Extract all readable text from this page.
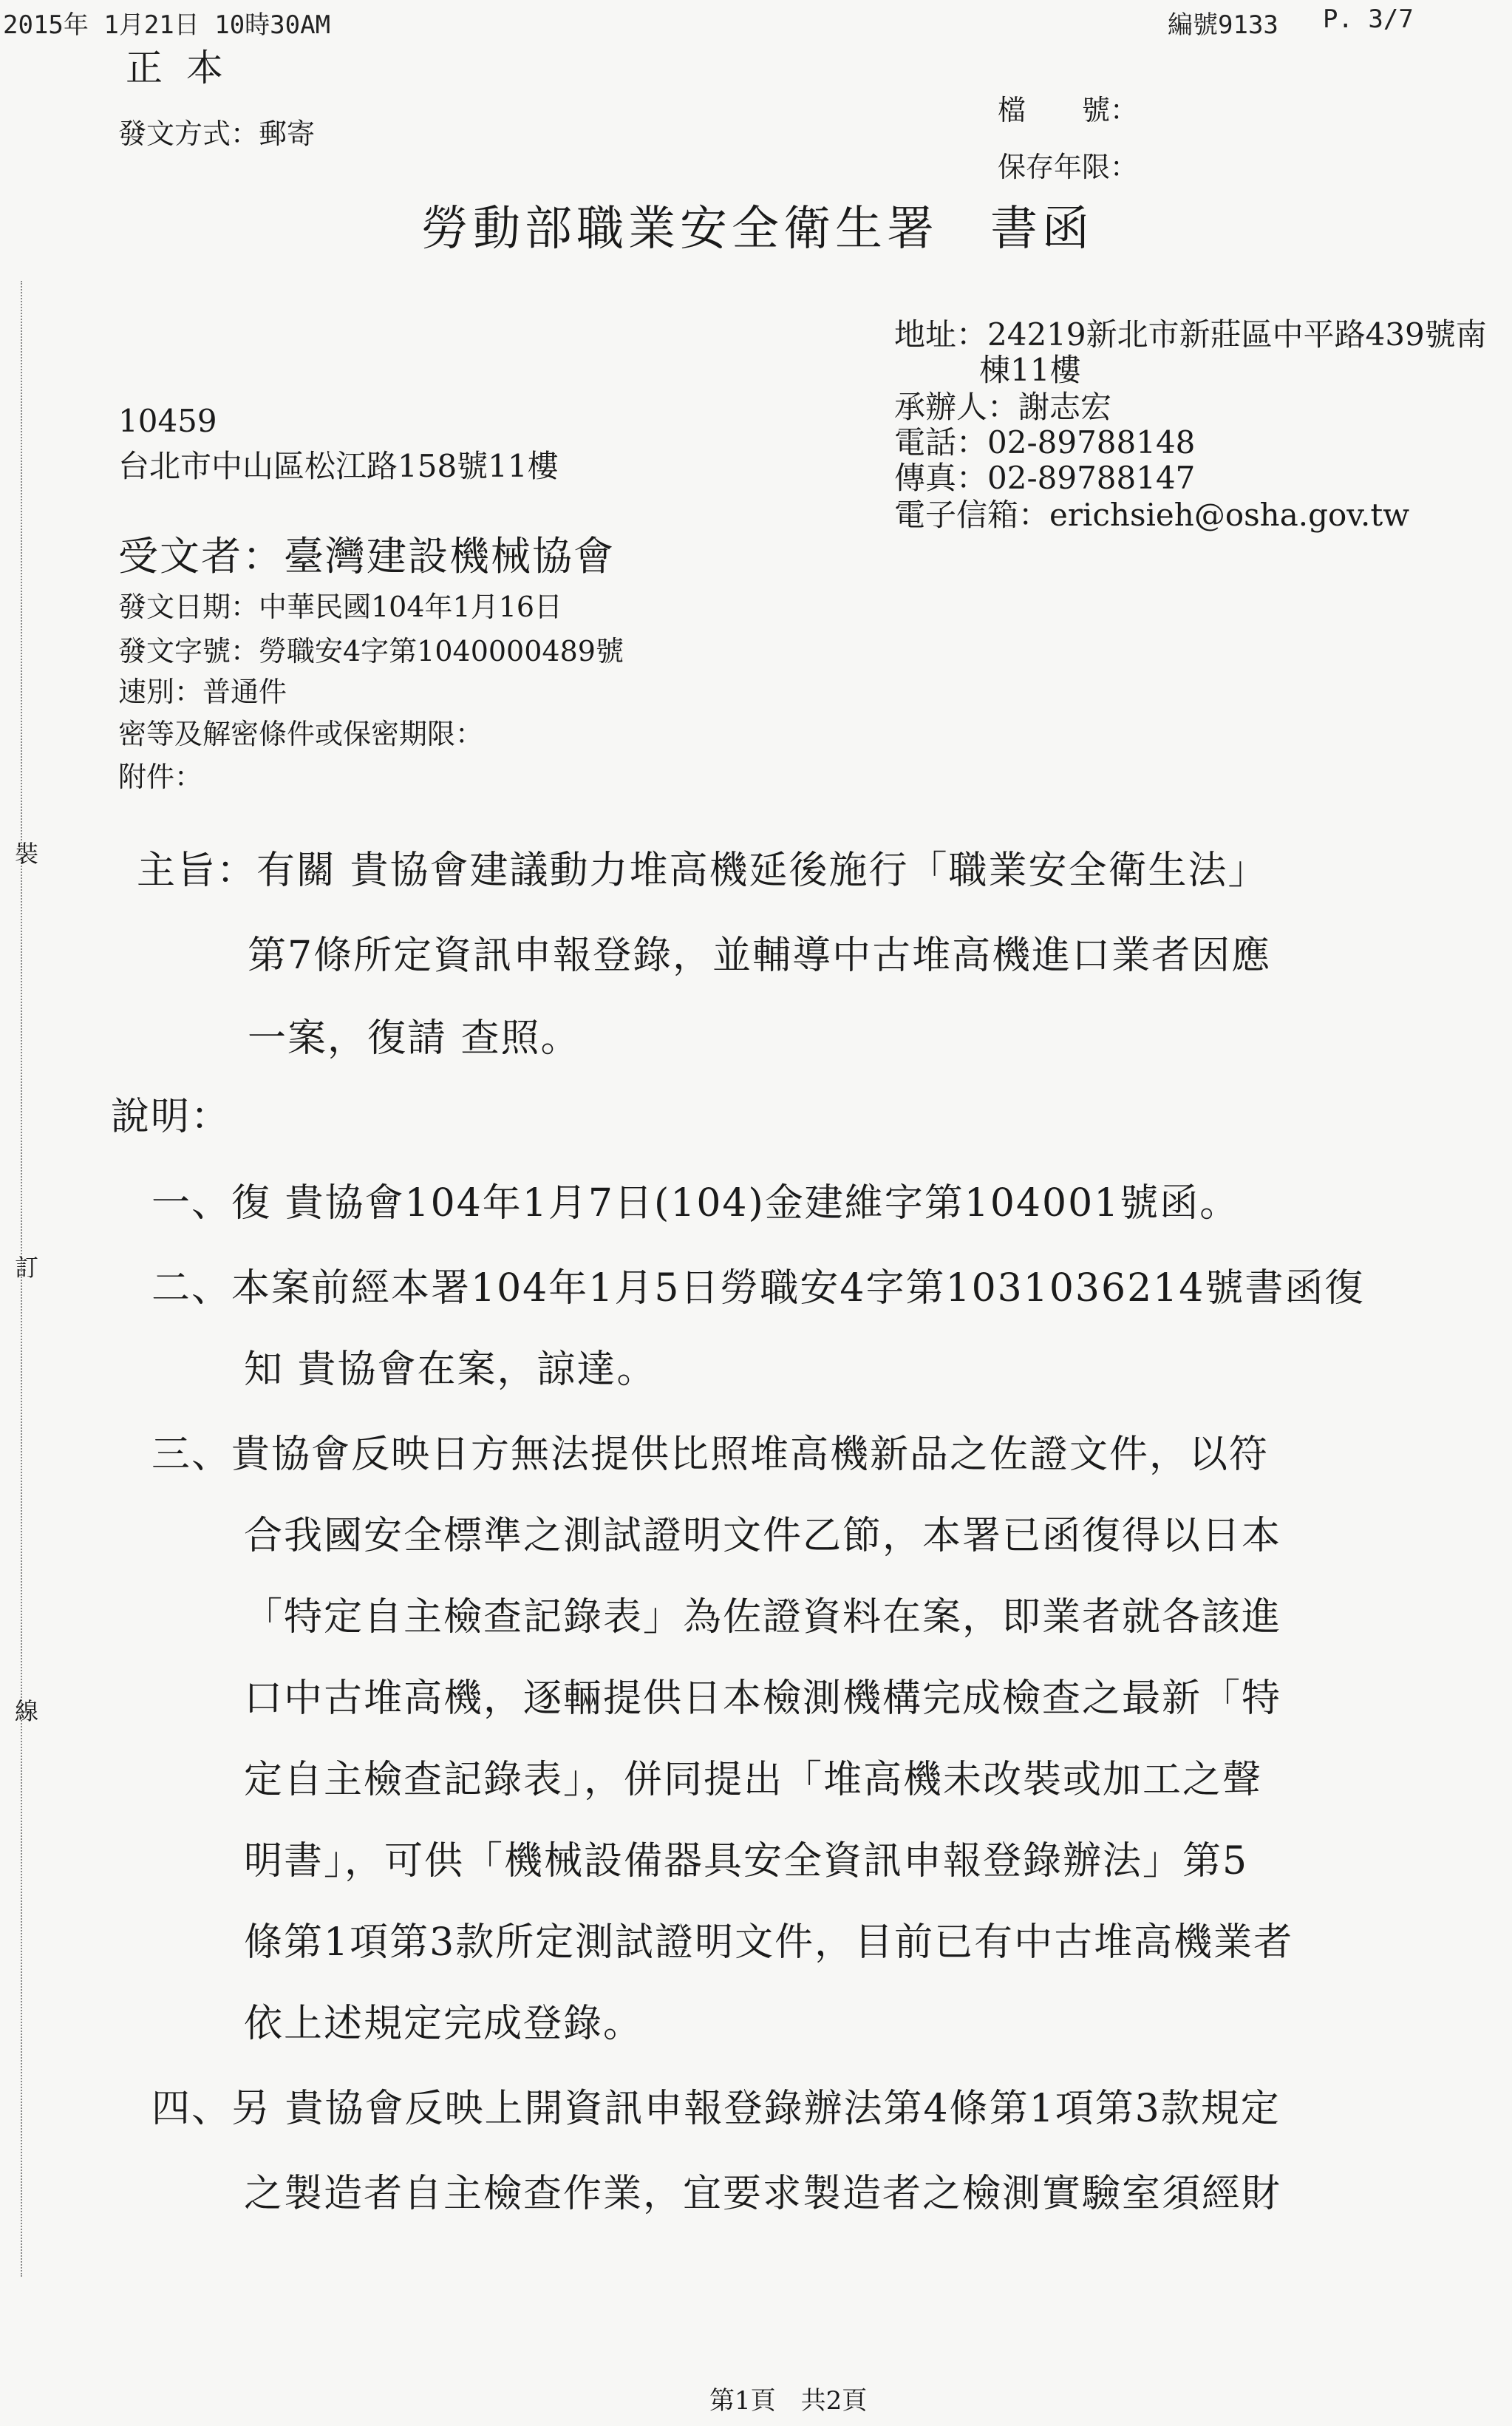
2015年 1月21日 10時30AM	編號9133 P. 3/7
正 本
發文方式：郵寄
檔　　號：
保存年限：
勞動部職業安全衛生署　書函
地址：24219新北市新莊區中平路439號南
棟11樓
承辦人：謝志宏
電話：02-89788148
傳真：02-89788147
電子信箱：erichsieh@osha.gov.tw
10459
台北市中山區松江路158號11樓
受文者：臺灣建設機械協會
發文日期：中華民國104年1月16日
發文字號：勞職安4字第1040000489號
速別：普通件
密等及解密條件或保密期限：
附件：
裝
訂
線
主旨：有關 貴協會建議動力堆高機延後施行「職業安全衛生法」
第7條所定資訊申報登錄，並輔導中古堆高機進口業者因應
一案，復請 查照。
說明：
一、復 貴協會104年1月7日(104)金建維字第104001號函。
二、本案前經本署104年1月5日勞職安4字第1031036214號書函復
知 貴協會在案，諒達。
三、貴協會反映日方無法提供比照堆高機新品之佐證文件，以符
合我國安全標準之測試證明文件乙節，本署已函復得以日本
「特定自主檢查記錄表」為佐證資料在案，即業者就各該進
口中古堆高機，逐輛提供日本檢測機構完成檢查之最新「特
定自主檢查記錄表」，併同提出「堆高機未改裝或加工之聲
明書」，可供「機械設備器具安全資訊申報登錄辦法」第5
條第1項第3款所定測試證明文件，目前已有中古堆高機業者
依上述規定完成登錄。
四、另 貴協會反映上開資訊申報登錄辦法第4條第1項第3款規定
之製造者自主檢查作業，宜要求製造者之檢測實驗室須經財
第1頁　共2頁
